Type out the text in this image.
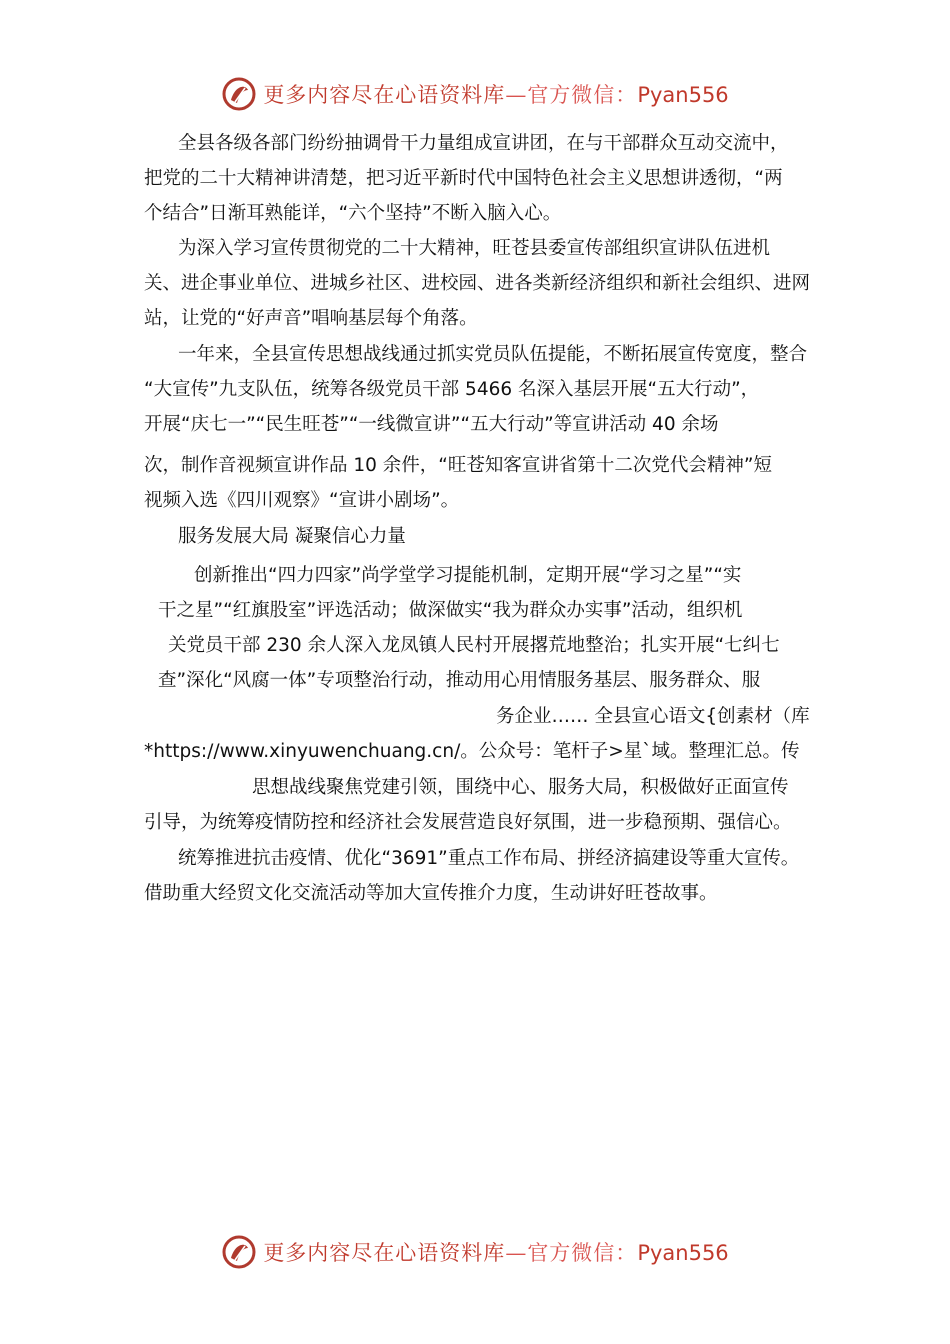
更多内容尽在心语资料库—官方微信：Pyan556
全县各级各部门纷纷抽调骨干力量组成宣讲团，在与干部群众互动交流中，
把党的二十大精神讲清楚，把习近平新时代中国特色社会主义思想讲透彻，“两
个结合”日渐耳熟能详，“六个坚持”不断入脑入心。
为深入学习宣传贯彻党的二十大精神，旺苍县委宣传部组织宣讲队伍进机
关、进企事业单位、进城乡社区、进校园、进各类新经济组织和新社会组织、进网
站，让党的“好声音”唱响基层每个角落。
一年来，全县宣传思想战线通过抓实党员队伍提能，不断拓展宣传宽度，整合
“大宣传”九支队伍，统筹各级党员干部 5466 名深入基层开展“五大行动”，
开展“庆七一”“民生旺苍”“一线微宣讲”“五大行动”等宣讲活动 40 余场
次，制作音视频宣讲作品 10 余件，“旺苍知客宣讲省第十二次党代会精神”短
视频入选《四川观察》“宣讲小剧场”。
服务发展大局 凝聚信心力量
创新推出“四力四家”尚学堂学习提能机制，定期开展“学习之星”“实
干之星”“红旗股室”评选活动；做深做实“我为群众办实事”活动，组织机
关党员干部 230 余人深入龙凤镇人民村开展撂荒地整治；扎实开展“七纠七
查”深化“风腐一体”专项整治行动，推动用心用情服务基层、服务群众、服
务企业…… 全县宣心语文{创素材（库
*https://www.xinyuwenchuang.cn/。公众号：笔杆子>星`域。整理汇总。传
思想战线聚焦党建引领，围绕中心、服务大局，积极做好正面宣传
引导，为统筹疫情防控和经济社会发展营造良好氛围，进一步稳预期、强信心。
统筹推进抗击疫情、优化“3691”重点工作布局、拼经济搞建设等重大宣传。
借助重大经贸文化交流活动等加大宣传推介力度，生动讲好旺苍故事。
更多内容尽在心语资料库—官方微信：Pyan556
